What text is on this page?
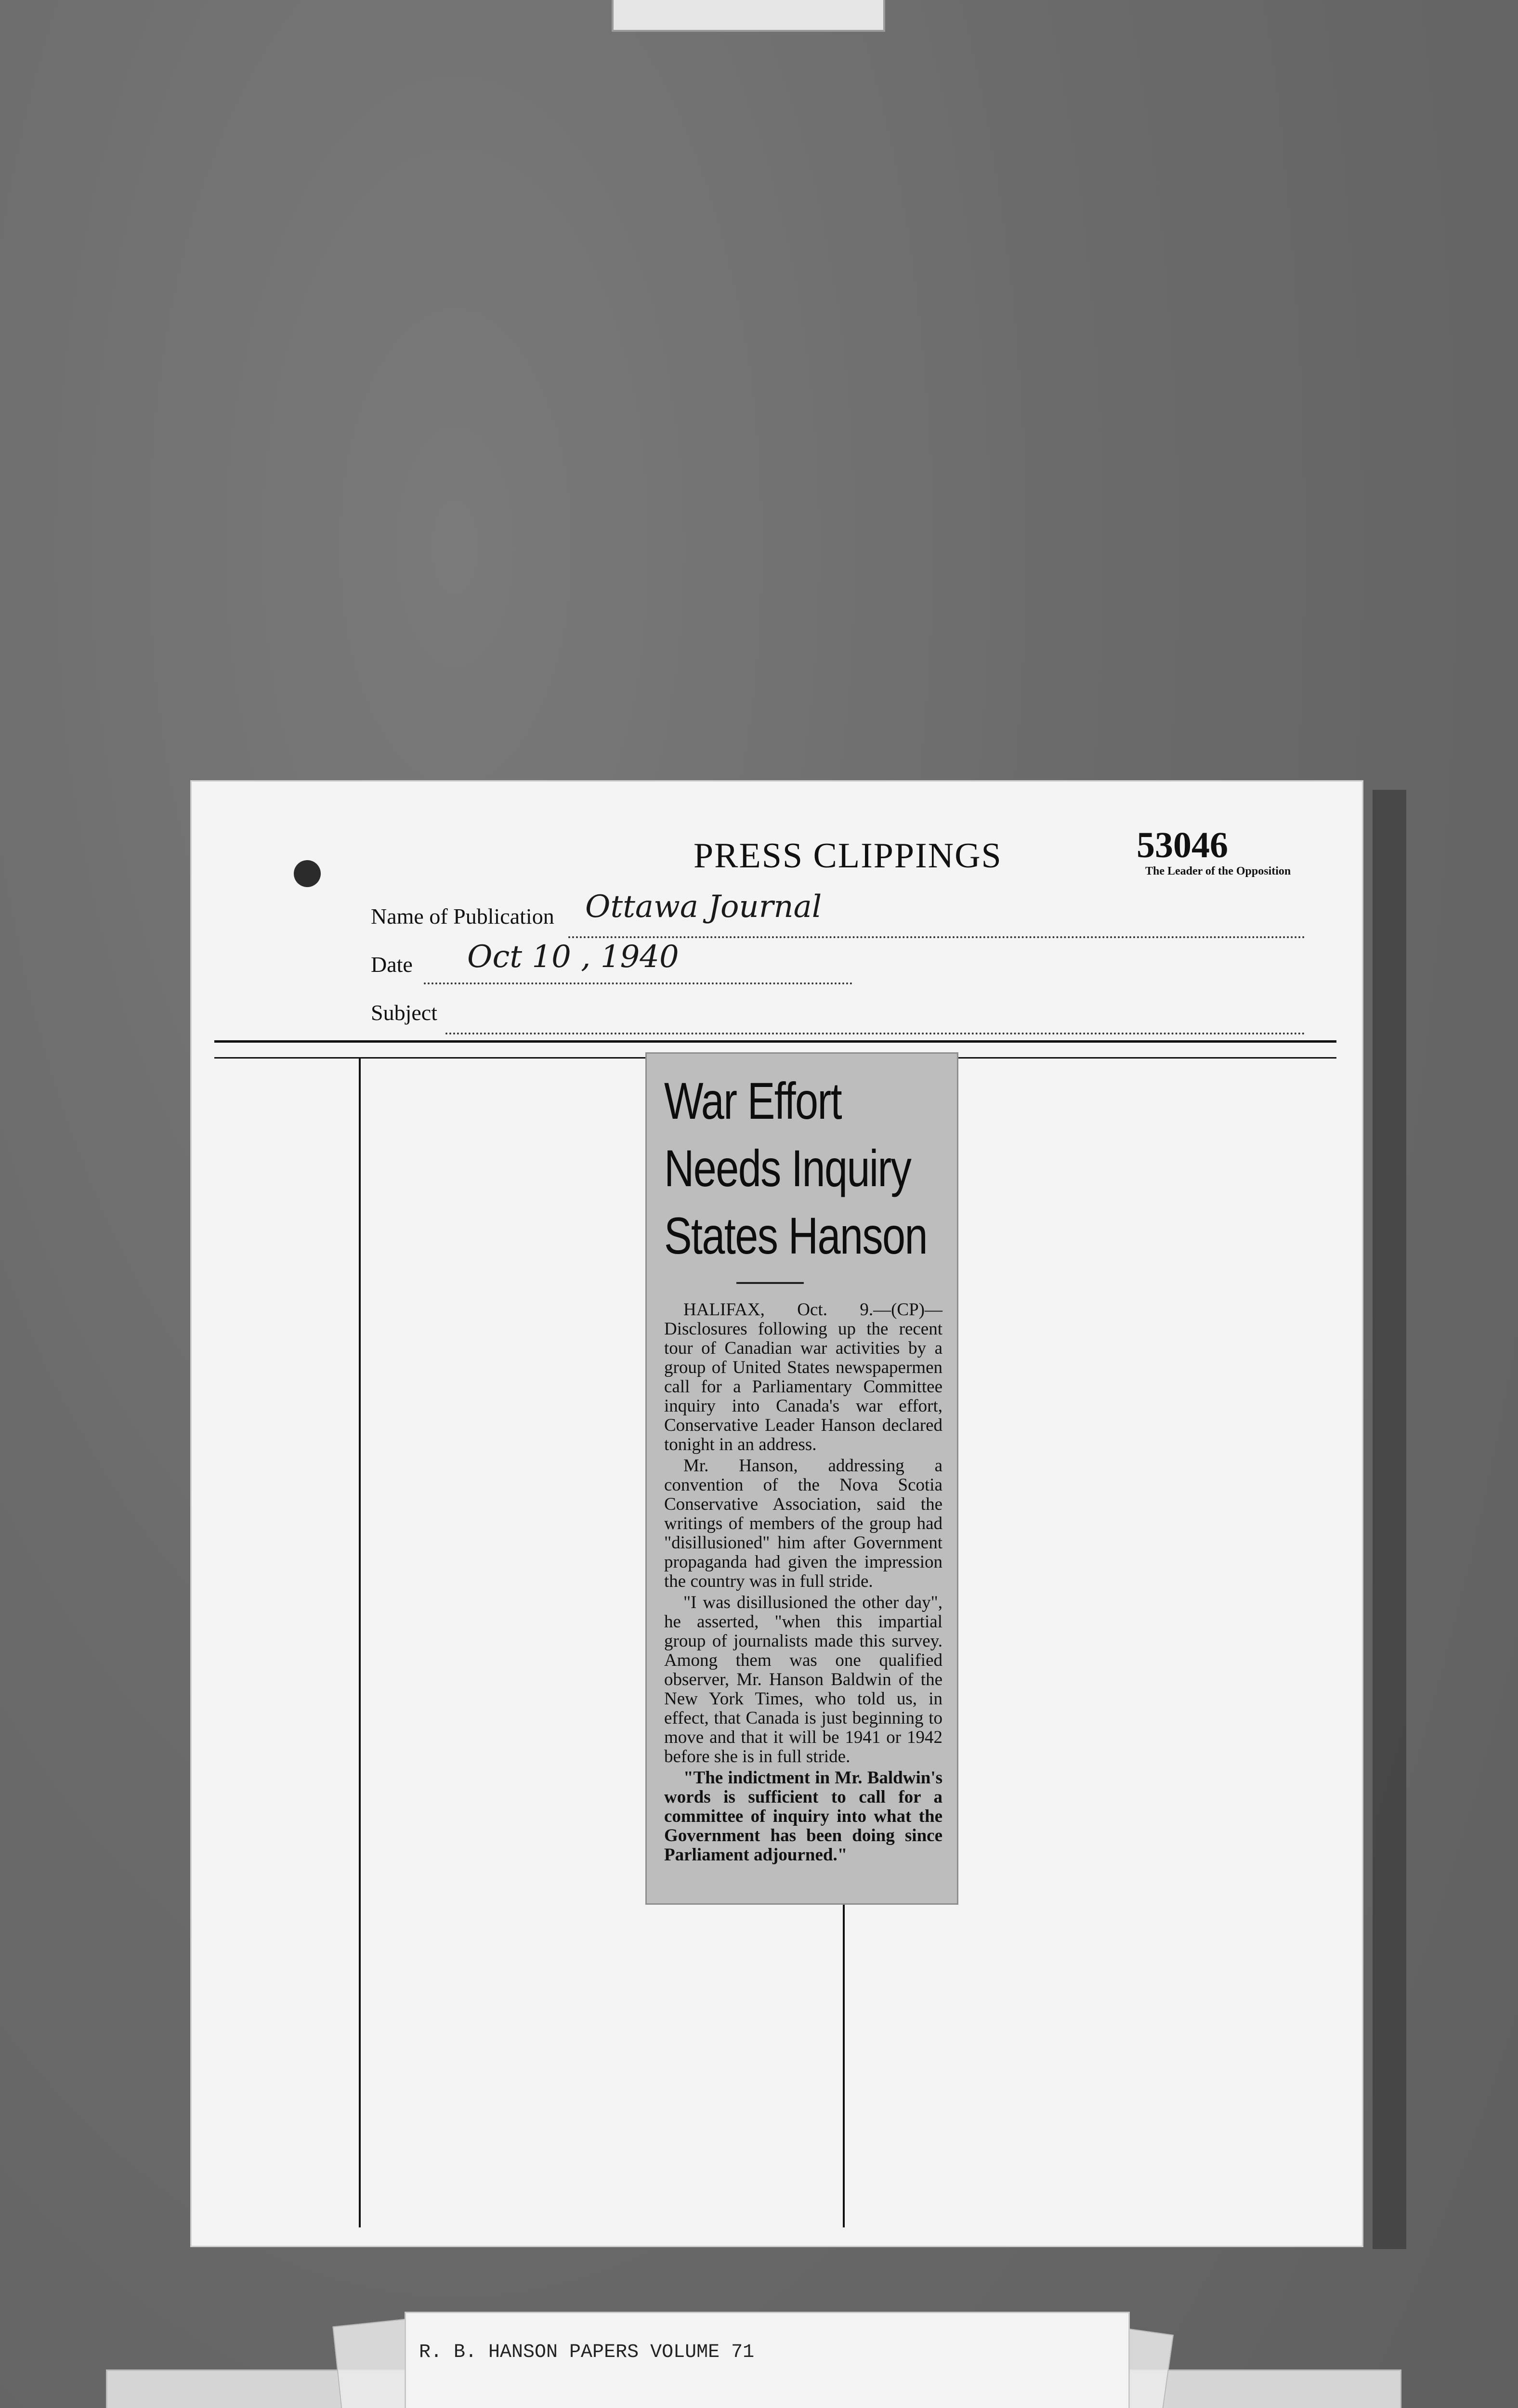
PRESS CLIPPINGS	53046
The Leader of the Opposition
Name of Publication Ottawa Journal
Date Oct 10 , 1940
Subject
War Effort
Needs Inquiry
States Hanson

HALIFAX, Oct. 9.—(CP)—Disclosures following up the recent tour of Canadian war activities by a group of United States newspapermen call for a Parliamentary Committee inquiry into Canada's war effort, Conservative Leader Hanson declared tonight in an address.

Mr. Hanson, addressing a convention of the Nova Scotia Conservative Association, said the writings of members of the group had "disillusioned" him after Government propaganda had given the impression the country was in full stride.

"I was disillusioned the other day", he asserted, "when this impartial group of journalists made this survey. Among them was one qualified observer, Mr. Hanson Baldwin of the New York Times, who told us, in effect, that Canada is just beginning to move and that it will be 1941 or 1942 before she is in full stride.

"The indictment in Mr. Baldwin's words is sufficient to call for a committee of inquiry into what the Government has been doing since Parliament adjourned."

R. B. HANSON PAPERS VOLUME 71
